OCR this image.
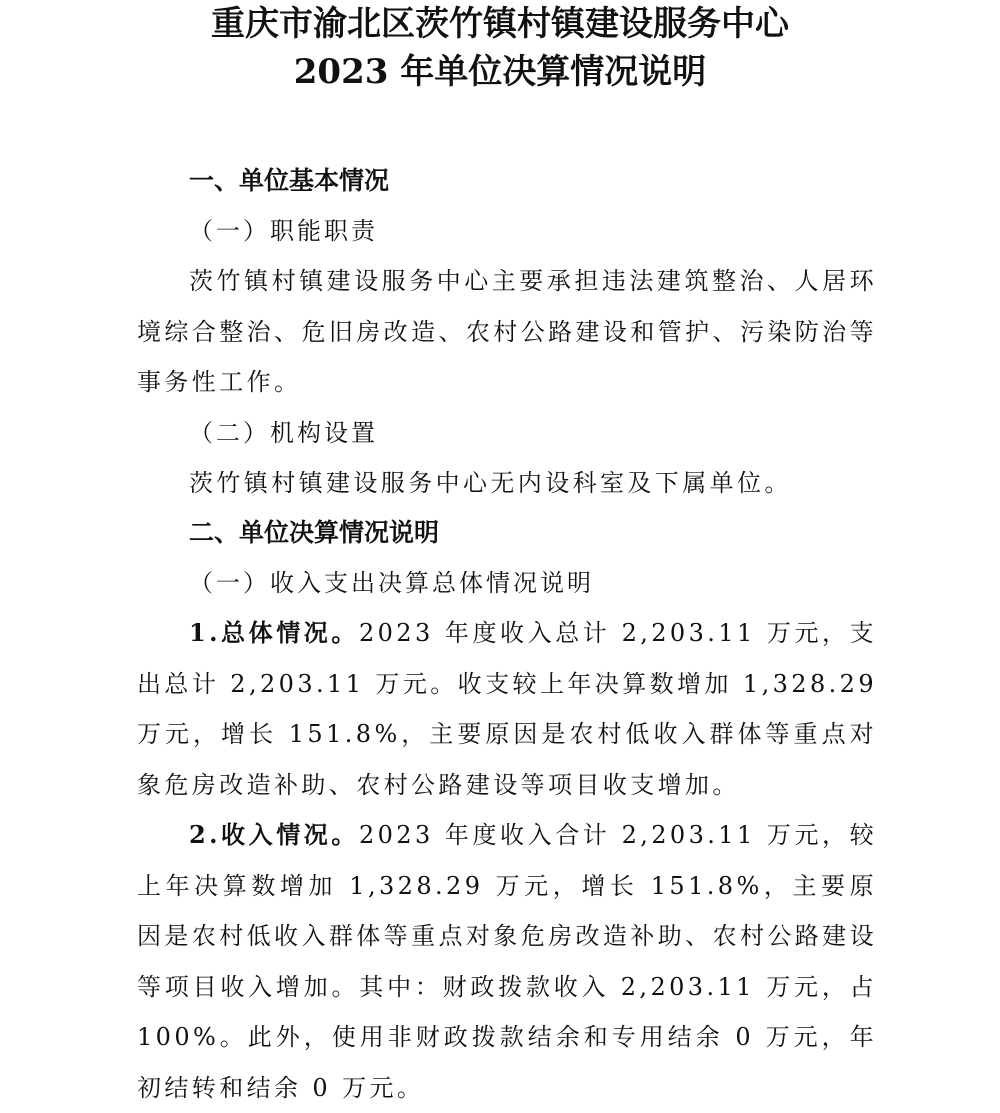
重庆市渝北区茨竹镇村镇建设服务中心

2023 年单位决算情况说明

一、单位基本情况

（一）职能职责

茨竹镇村镇建设服务中心主要承担违法建筑整治、人居环境综合整治、危旧房改造、农村公路建设和管护、污染防治等事务性工作。

（二）机构设置

茨竹镇村镇建设服务中心无内设科室及下属单位。

二、单位决算情况说明

（一）收入支出决算总体情况说明

1.总体情况。2023 年度收入总计 2,203.11 万元，支出总计 2,203.11 万元。收支较上年决算数增加 1,328.29 万元，增长 151.8%，主要原因是农村低收入群体等重点对象危房改造补助、农村公路建设等项目收支增加。

2.收入情况。2023 年度收入合计 2,203.11 万元，较上年决算数增加 1,328.29 万元，增长 151.8%，主要原因是农村低收入群体等重点对象危房改造补助、农村公路建设等项目收入增加。其中：财政拨款收入 2,203.11 万元，占 100%。此外，使用非财政拨款结余和专用结余 0 万元，年初结转和结余 0 万元。
